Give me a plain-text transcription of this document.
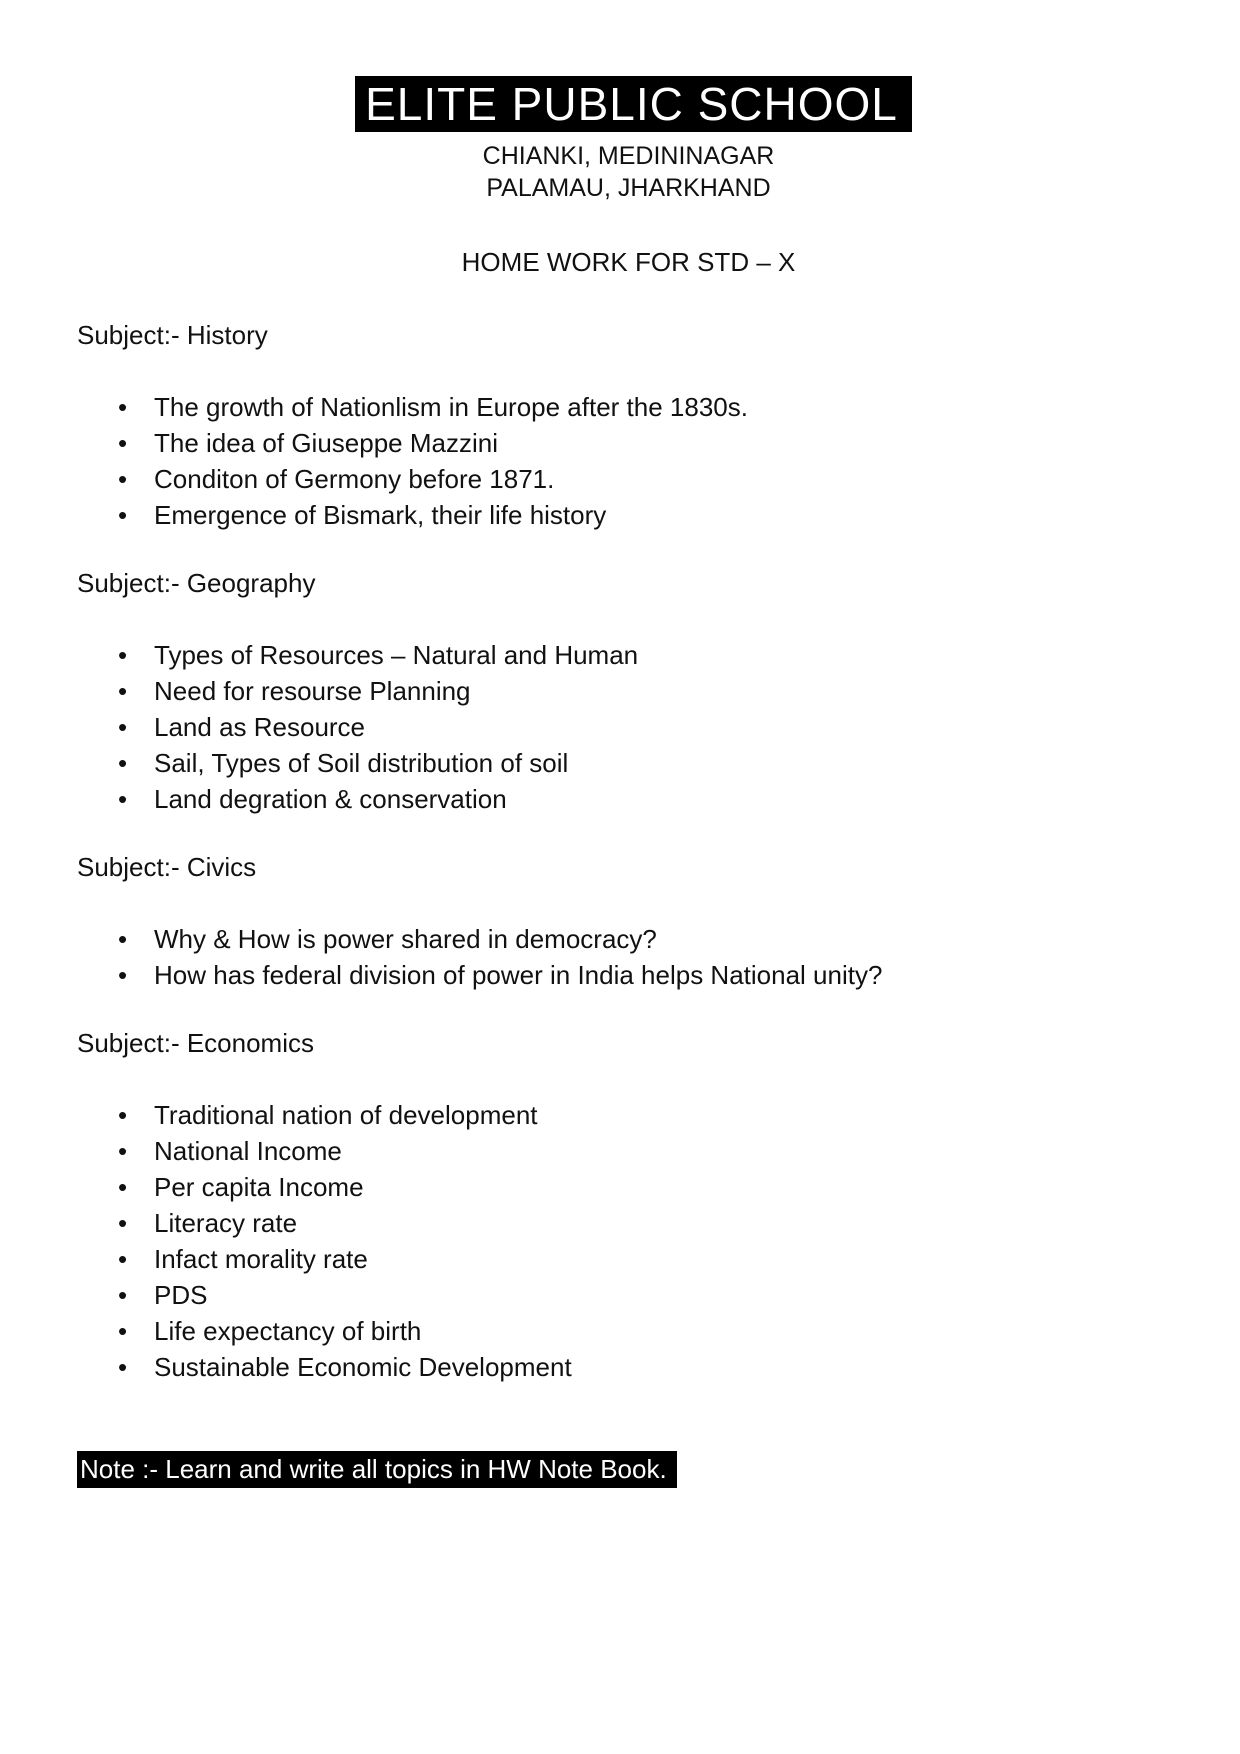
ELITE PUBLIC SCHOOL
CHIANKI, MEDININAGAR
PALAMAU, JHARKHAND
HOME WORK FOR STD – X
Subject:- History
•	The growth of Nationlism in Europe after the 1830s.
•	The idea of Giuseppe Mazzini
•	Conditon of Germony before 1871.
•	Emergence of Bismark, their life history
Subject:- Geography
•	Types of Resources – Natural and Human
•	Need for resourse Planning
•	Land as Resource
•	Sail, Types of Soil distribution of soil
•	Land degration & conservation
Subject:- Civics
•	Why & How is power shared in democracy?
•	How has federal division of power in India helps National unity?
Subject:- Economics
•	Traditional nation of development
•	National Income
•	Per capita Income
•	Literacy rate
•	Infact morality rate
•	PDS
•	Life expectancy of birth
•	Sustainable Economic Development
Note :- Learn and write all topics in HW Note Book.
